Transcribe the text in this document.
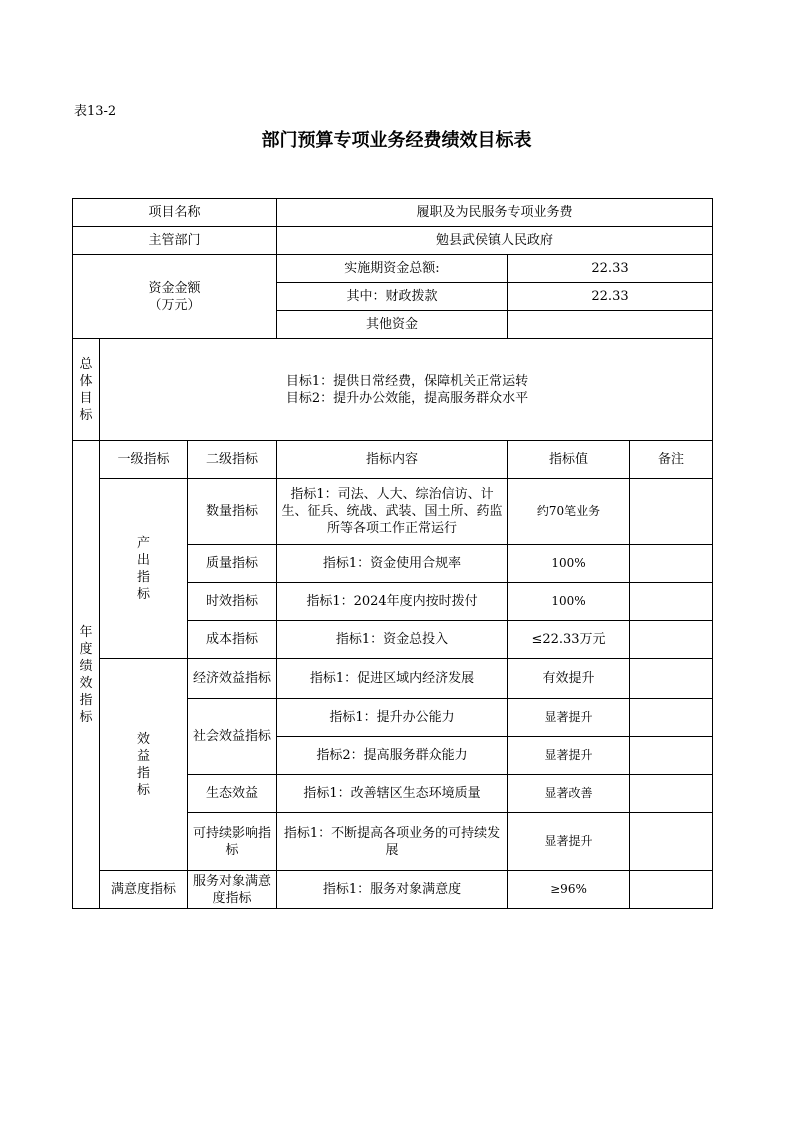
表13-2
部门预算专项业务经费绩效目标表
项目名称			履职及为民服务专项业务费		
主管部门			勉县武侯镇人民政府		

资金金额
（万元）			实施期资金总额:	22.33	
			其中：财政拨款	22.33	
			其他资金		
总体目标	目标1：提供日常经费，保障机关正常运转
目标2：提升办公效能，提高服务群众水平				

年度绩效指标	一级指标	二级指标	指标内容	指标值	备注
	产出指标	数量指标	指标1：司法、人大、综治信访、计生、征兵、统战、武装、国土所、药监所等各项工作正常运行	约70笔业务	
		质量指标	指标1：资金使用合规率	100%	
		时效指标	指标1：2024年度内按时拨付	100%	
		成本指标	指标1：资金总投入	≤22.33万元	
	效益指标	经济效益指标	指标1：促进区域内经济发展	有效提升	
		社会效益指标	指标1：提升办公能力	显著提升	
			指标2：提高服务群众能力	显著提升	
		生态效益	指标1：改善辖区生态环境质量	显著改善	
		可持续影响指标	指标1：不断提高各项业务的可持续发展	显著提升	
	满意度指标	服务对象满意度指标	指标1：服务对象满意度	≥96%	
